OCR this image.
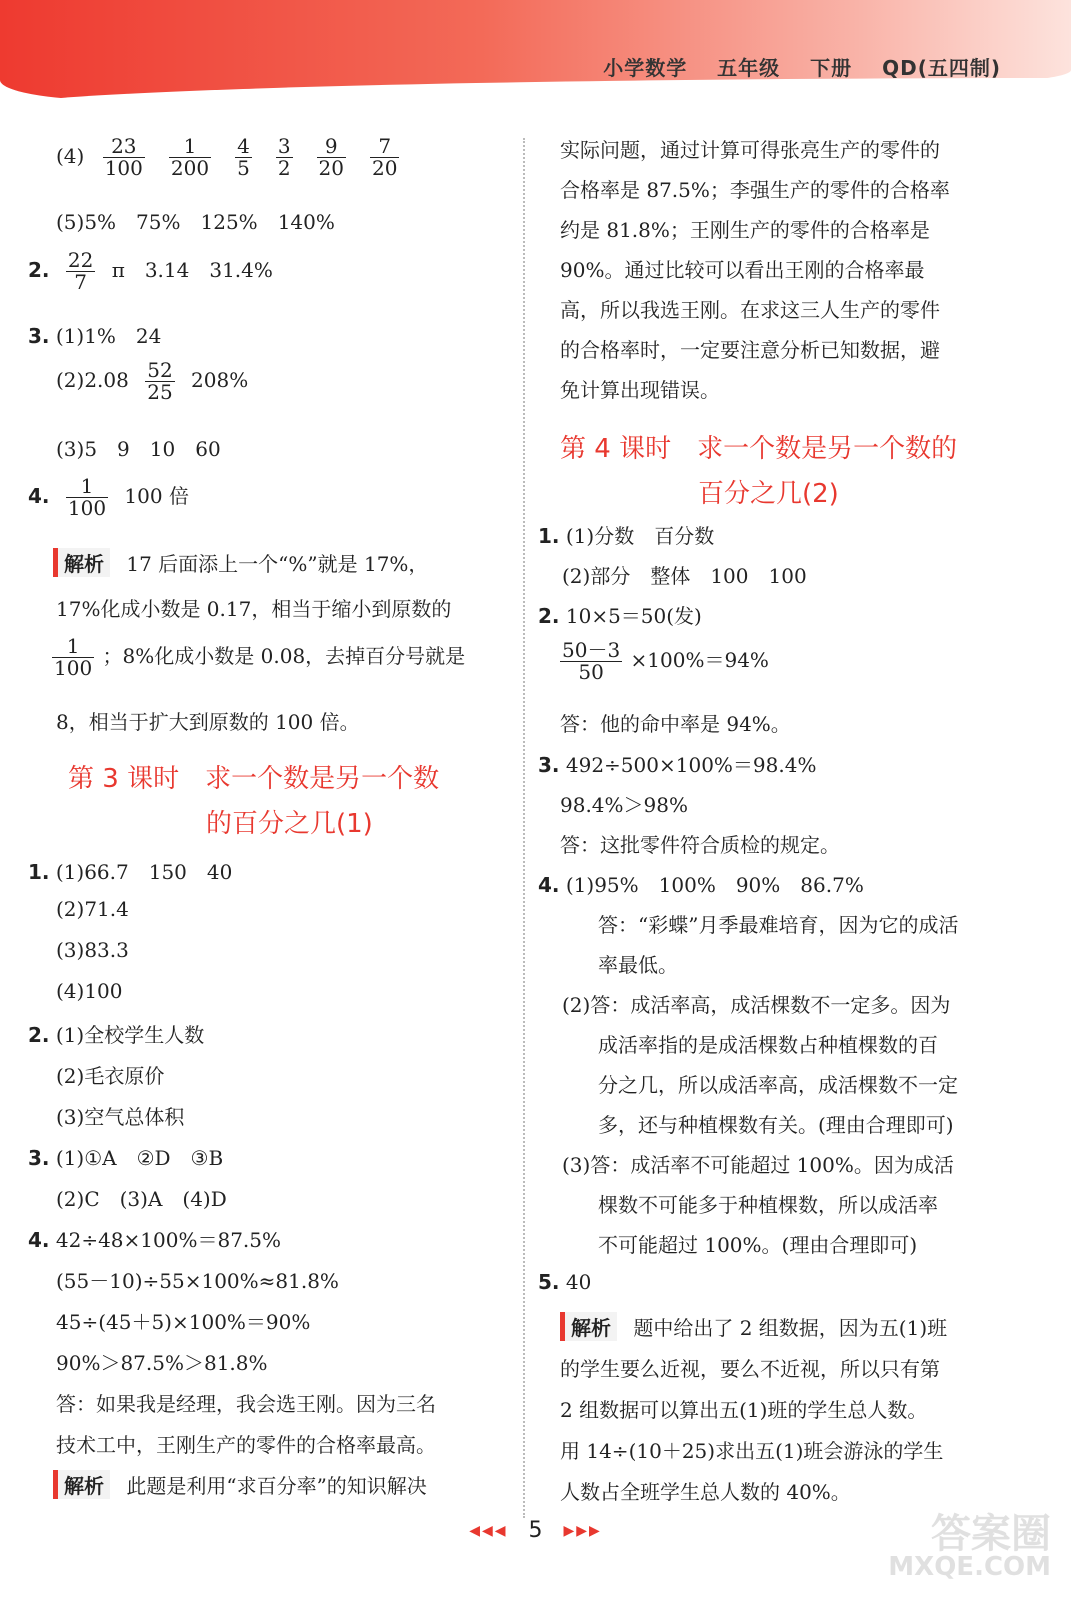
小学数学 五年级 下册 QD(五四制)
$(4) \frac{23}{100} \frac{1}{200} \frac{4}{5} \frac{3}{2} \frac{9}{20} \frac{7}{20}$
(5)5%　75%　125%　140%
2. $\frac{22}{7}$ π　3.14　31.4%
3. (1)1%　24
$(2)2.08 \frac{52}{25} 208\%$
(3)5　9　10　60
4. $\frac{1}{100} 100$ 倍
解析 17 后面添上一个“%”就是 17%，
17%化成小数是 0.17，相当于缩小到原数的
$\frac{1}{100}$ ；8%化成小数是 0.08，去掉百分号就是
8，相当于扩大到原数的 100 倍。
第 3 课时　求一个数是另一个数
的百分之几(1)
1. (1)66.7　150　40
(2)71.4
(3)83.3
(4)100
2. (1)全校学生人数
(2)毛衣原价
(3)空气总体积
3. (1)①A　②D　③B
(2)C　(3)A　(4)D
4. 42÷48×100%＝87.5%
(55－10)÷55×100%≈81.8%
45÷(45＋5)×100%＝90%
90%＞87.5%＞81.8%
答：如果我是经理，我会选王刚。因为三名
技术工中，王刚生产的零件的合格率最高。
解析 此题是利用“求百分率”的知识解决
实际问题，通过计算可得张亮生产的零件的
合格率是 87.5%；李强生产的零件的合格率
约是 81.8%；王刚生产的零件的合格率是
90%。通过比较可以看出王刚的合格率最
高，所以我选王刚。在求这三人生产的零件
的合格率时，一定要注意分析已知数据，避
免计算出现错误。
第 4 课时　求一个数是另一个数的
百分之几(2)
1. (1)分数　百分数
(2)部分　整体　100　100
2. 10×5＝50(发)
$\frac{50-3}{50} \times 100\%=94\%$
答：他的命中率是 94%。
3. 492÷500×100%＝98.4%
98.4%＞98%
答：这批零件符合质检的规定。
4. (1)95%　100%　90%　86.7%
答：“彩蝶”月季最难培育，因为它的成活
率最低。
(2)答：成活率高，成活棵数不一定多。因为
成活率指的是成活棵数占种植棵数的百
分之几，所以成活率高，成活棵数不一定
多，还与种植棵数有关。(理由合理即可)
(3)答：成活率不可能超过 100%。因为成活
棵数不可能多于种植棵数，所以成活率
不可能超过 100%。(理由合理即可)
5. 40
解析 题中给出了 2 组数据，因为五(1)班
的学生要么近视，要么不近视，所以只有第
2 组数据可以算出五(1)班的学生总人数。
用 14÷(10＋25)求出五(1)班会游泳的学生
人数占全班学生总人数的 40%。
◀◀◀ 5 ▶▶▶	答案圈
MXQE.COM
